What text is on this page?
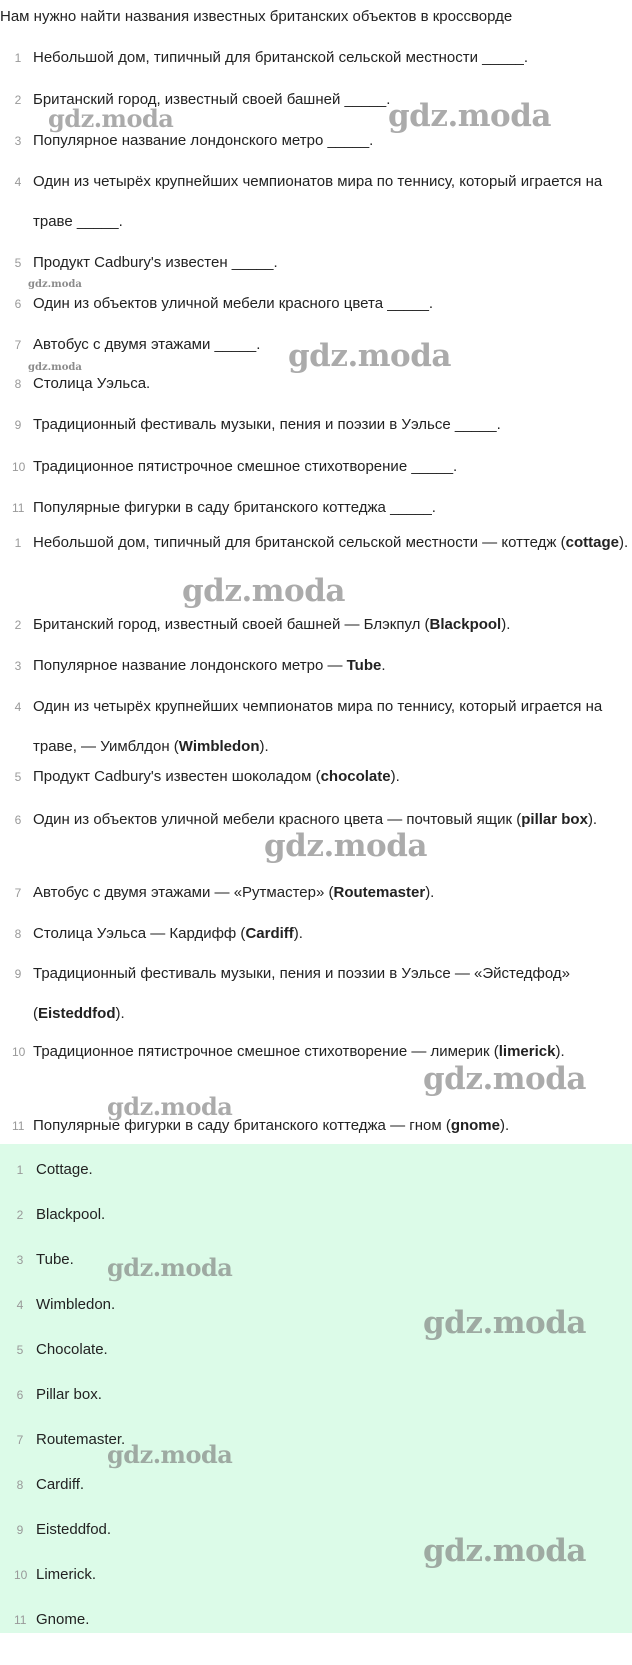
Нам нужно найти названия известных британских объектов в кроссворде
1 Небольшой дом, типичный для британской сельской местности _____.
2 Британский город, известный своей башней _____.
3 Популярное название лондонского метро _____.
4 Один из четырёх крупнейших чемпионатов мира по теннису, который играется на траве _____.
5 Продукт Cadbury's известен _____.
6 Один из объектов уличной мебели красного цвета _____.
7 Автобус с двумя этажами _____.
8 Столица Уэльса.
9 Традиционный фестиваль музыки, пения и поэзии в Уэльсе _____.
10 Традиционное пятистрочное смешное стихотворение _____.
11 Популярные фигурки в саду британского коттеджа _____.
1 Небольшой дом, типичный для британской сельской местности — коттедж (cottage).
2 Британский город, известный своей башней — Блэкпул (Blackpool).
3 Популярное название лондонского метро — Tube.
4 Один из четырёх крупнейших чемпионатов мира по теннису, который играется на траве, — Уимблдон (Wimbledon).
5 Продукт Cadbury's известен шоколадом (chocolate).
6 Один из объектов уличной мебели красного цвета — почтовый ящик (pillar box).
7 Автобус с двумя этажами — «Рутмастер» (Routemaster).
8 Столица Уэльса — Кардифф (Cardiff).
9 Традиционный фестиваль музыки, пения и поэзии в Уэльсе — «Эйстедфод» (Eisteddfod).
10 Традиционное пятистрочное смешное стихотворение — лимерик (limerick).
11 Популярные фигурки в саду британского коттеджа — гном (gnome).
1 Cottage.
2 Blackpool.
3 Tube.
4 Wimbledon.
5 Chocolate.
6 Pillar box.
7 Routemaster.
8 Cardiff.
9 Eisteddfod.
10 Limerick.
11 Gnome.
gdz.moda	gdz.moda
gdz.moda
gdz.moda
gdz.moda
gdz.moda
gdz.moda
gdz.moda
gdz.moda
gdz.moda
gdz.moda
gdz.moda
gdz.moda
